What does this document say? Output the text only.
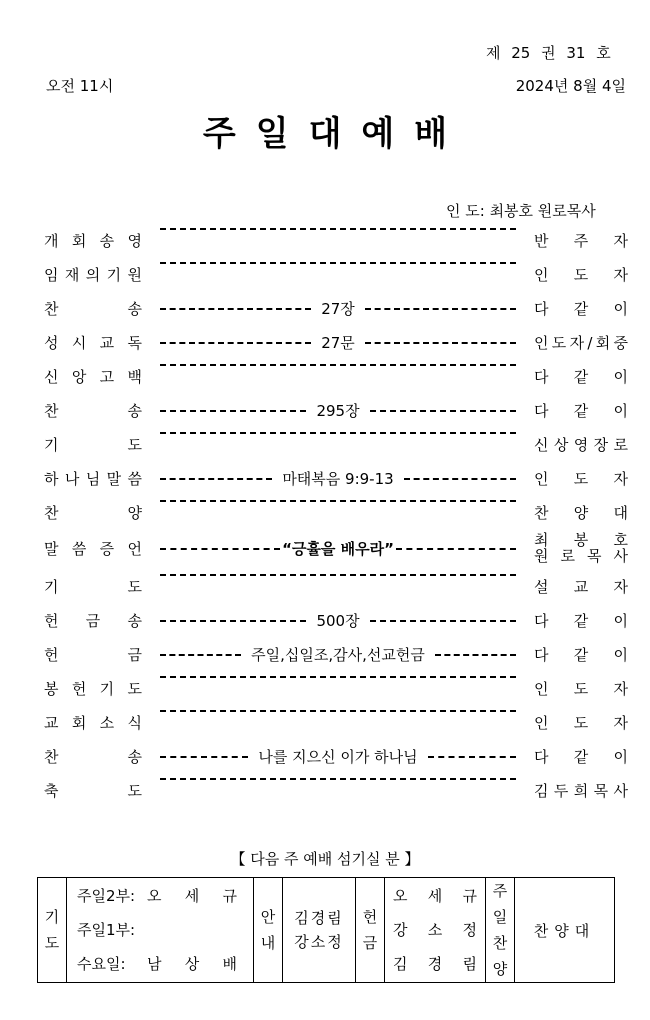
제 25 권 31 호
오전 11시	2024년 8월 4일
주일대예배
인 도: 최봉호 원로목사
개 회 송 영	반 주 자
임 재 의 기 원	인 도 자
찬	송	27장	다 같 이
성 시 교 독	27문	인 도 자 / 회 중
신 앙 고 백	다 같 이
찬	송	295장	다 같 이
기	도	신 상 영 장 로
하 나 님 말 씀	마태복음 9:9-13	인 도 자
찬	양	찬 양 대
말 씀 증 언	“긍휼을 배우라”	최 봉 호
원 로 목 사
기	도	설 교 자
헌 금 송	500장	다 같 이
헌	금	주일,십일조,감사,선교헌금	다 같 이
봉 헌 기 도	인 도 자
교 회 소 식	인 도 자
찬	송	나를 지으신 이가 하나님	다 같 이
축	도	김 두 희 목 사
【 다음 주 예배 섬기실 분 】
기
도

주일2부: 오 세 규
주일1부:
수요일:	남 상 배

안
내

김경림
강소정

헌
금

오 세 규
강 소 정
김 경 림

주
일
찬
양
	찬양대
